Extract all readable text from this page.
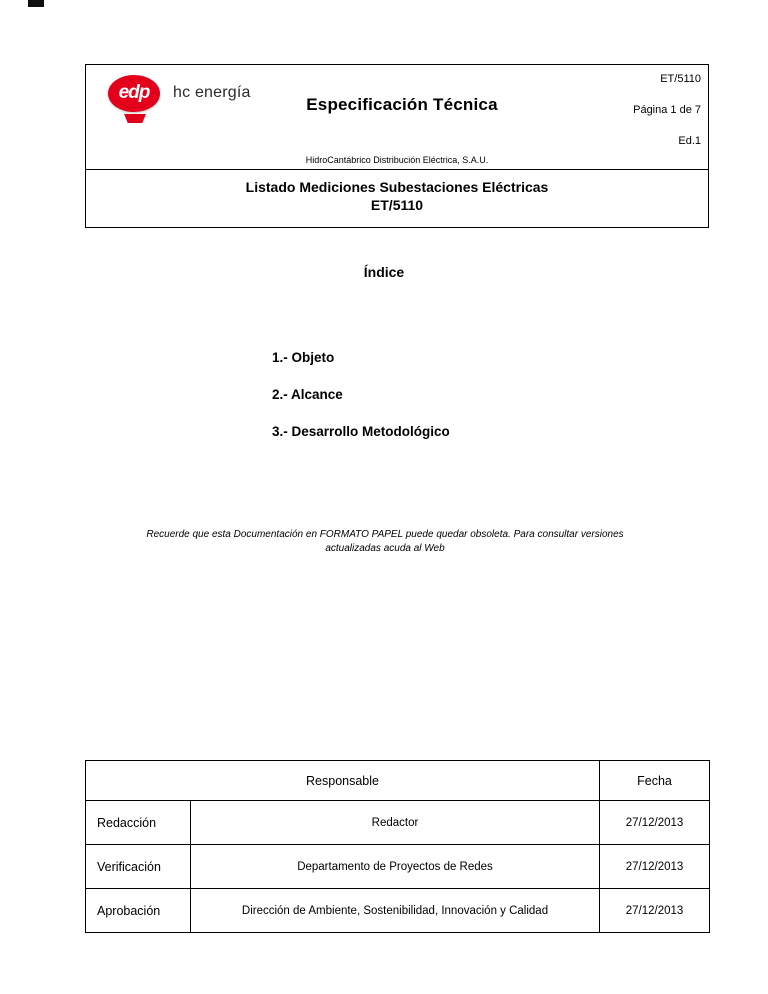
edp hc energía
Especificación Técnica
ET/5110
Página 1 de 7
Ed.1
HidroCantábrico Distribución Eléctrica, S.A.U.
Listado Mediciones Subestaciones Eléctricas
ET/5110
Índice
1.- Objeto
2.- Alcance
3.- Desarrollo Metodológico
Recuerde que esta Documentación en FORMATO PAPEL puede quedar obsoleta. Para consultar versiones actualizadas acuda al Web
Responsable		Fecha
Redacción	Redactor	27/12/2013
Verificación	Departamento de Proyectos de Redes	27/12/2013
Aprobación	Dirección de Ambiente, Sostenibilidad, Innovación y Calidad	27/12/2013
